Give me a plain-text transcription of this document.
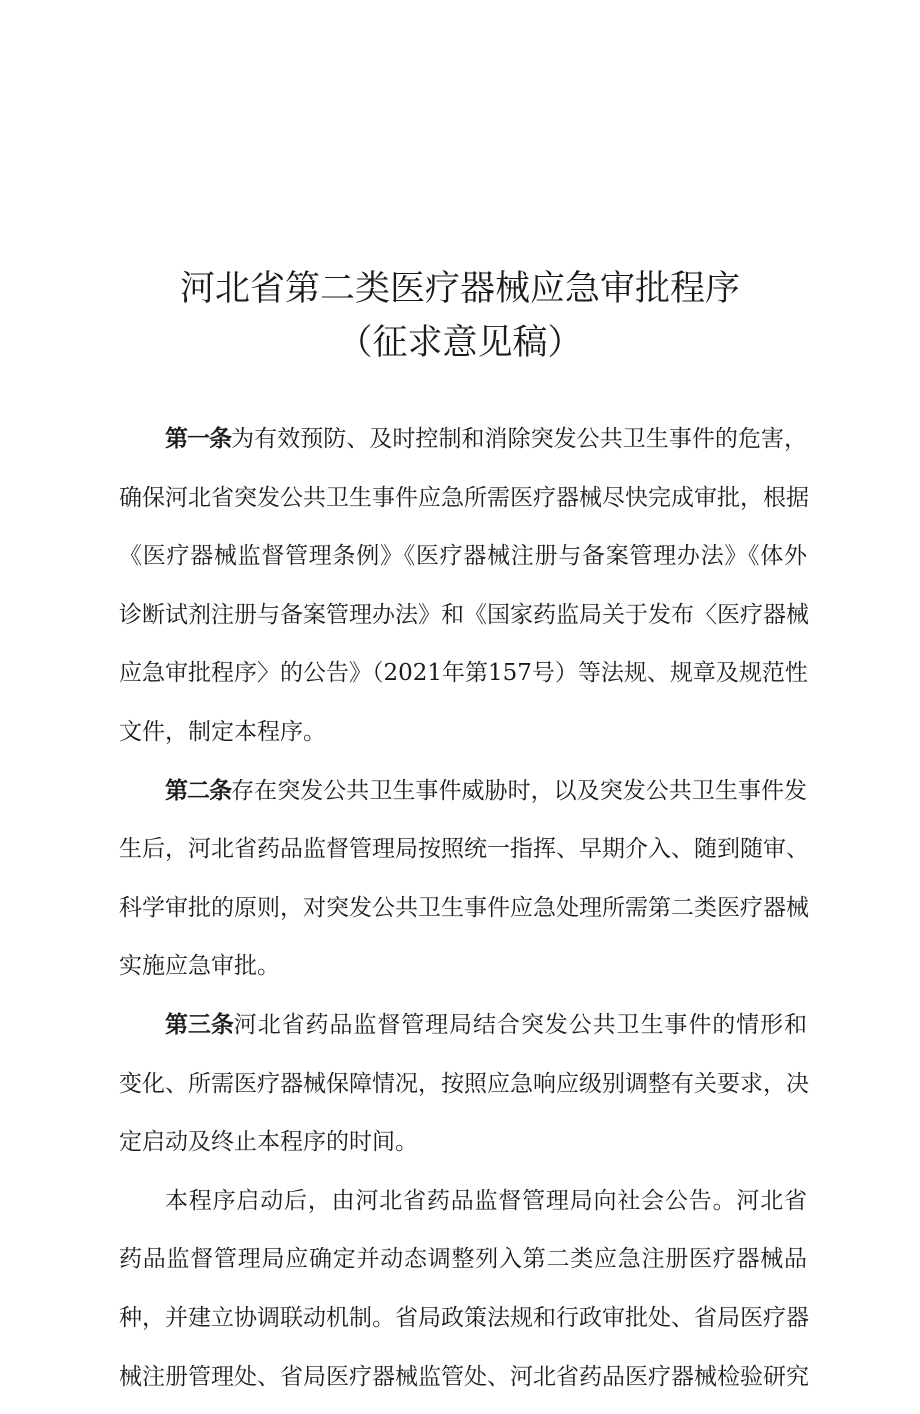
河北省第二类医疗器械应急审批程序
（征求意见稿）
第一条为有效预防、及时控制和消除突发公共卫生事件的危害，
确保河北省突发公共卫生事件应急所需医疗器械尽快完成审批，根据
《医疗器械监督管理条例》《医疗器械注册与备案管理办法》《体外
诊断试剂注册与备案管理办法》和《国家药监局关于发布〈医疗器械
应急审批程序〉的公告》（2021年第157号）等法规、规章及规范性
文件，制定本程序。
第二条存在突发公共卫生事件威胁时，以及突发公共卫生事件发
生后，河北省药品监督管理局按照统一指挥、早期介入、随到随审、
科学审批的原则，对突发公共卫生事件应急处理所需第二类医疗器械
实施应急审批。
第三条河北省药品监督管理局结合突发公共卫生事件的情形和
变化、所需医疗器械保障情况，按照应急响应级别调整有关要求，决
定启动及终止本程序的时间。
本程序启动后，由河北省药品监督管理局向社会公告。河北省
药品监督管理局应确定并动态调整列入第二类应急注册医疗器械品
种，并建立协调联动机制。省局政策法规和行政审批处、省局医疗器
械注册管理处、省局医疗器械监管处、河北省药品医疗器械检验研究
